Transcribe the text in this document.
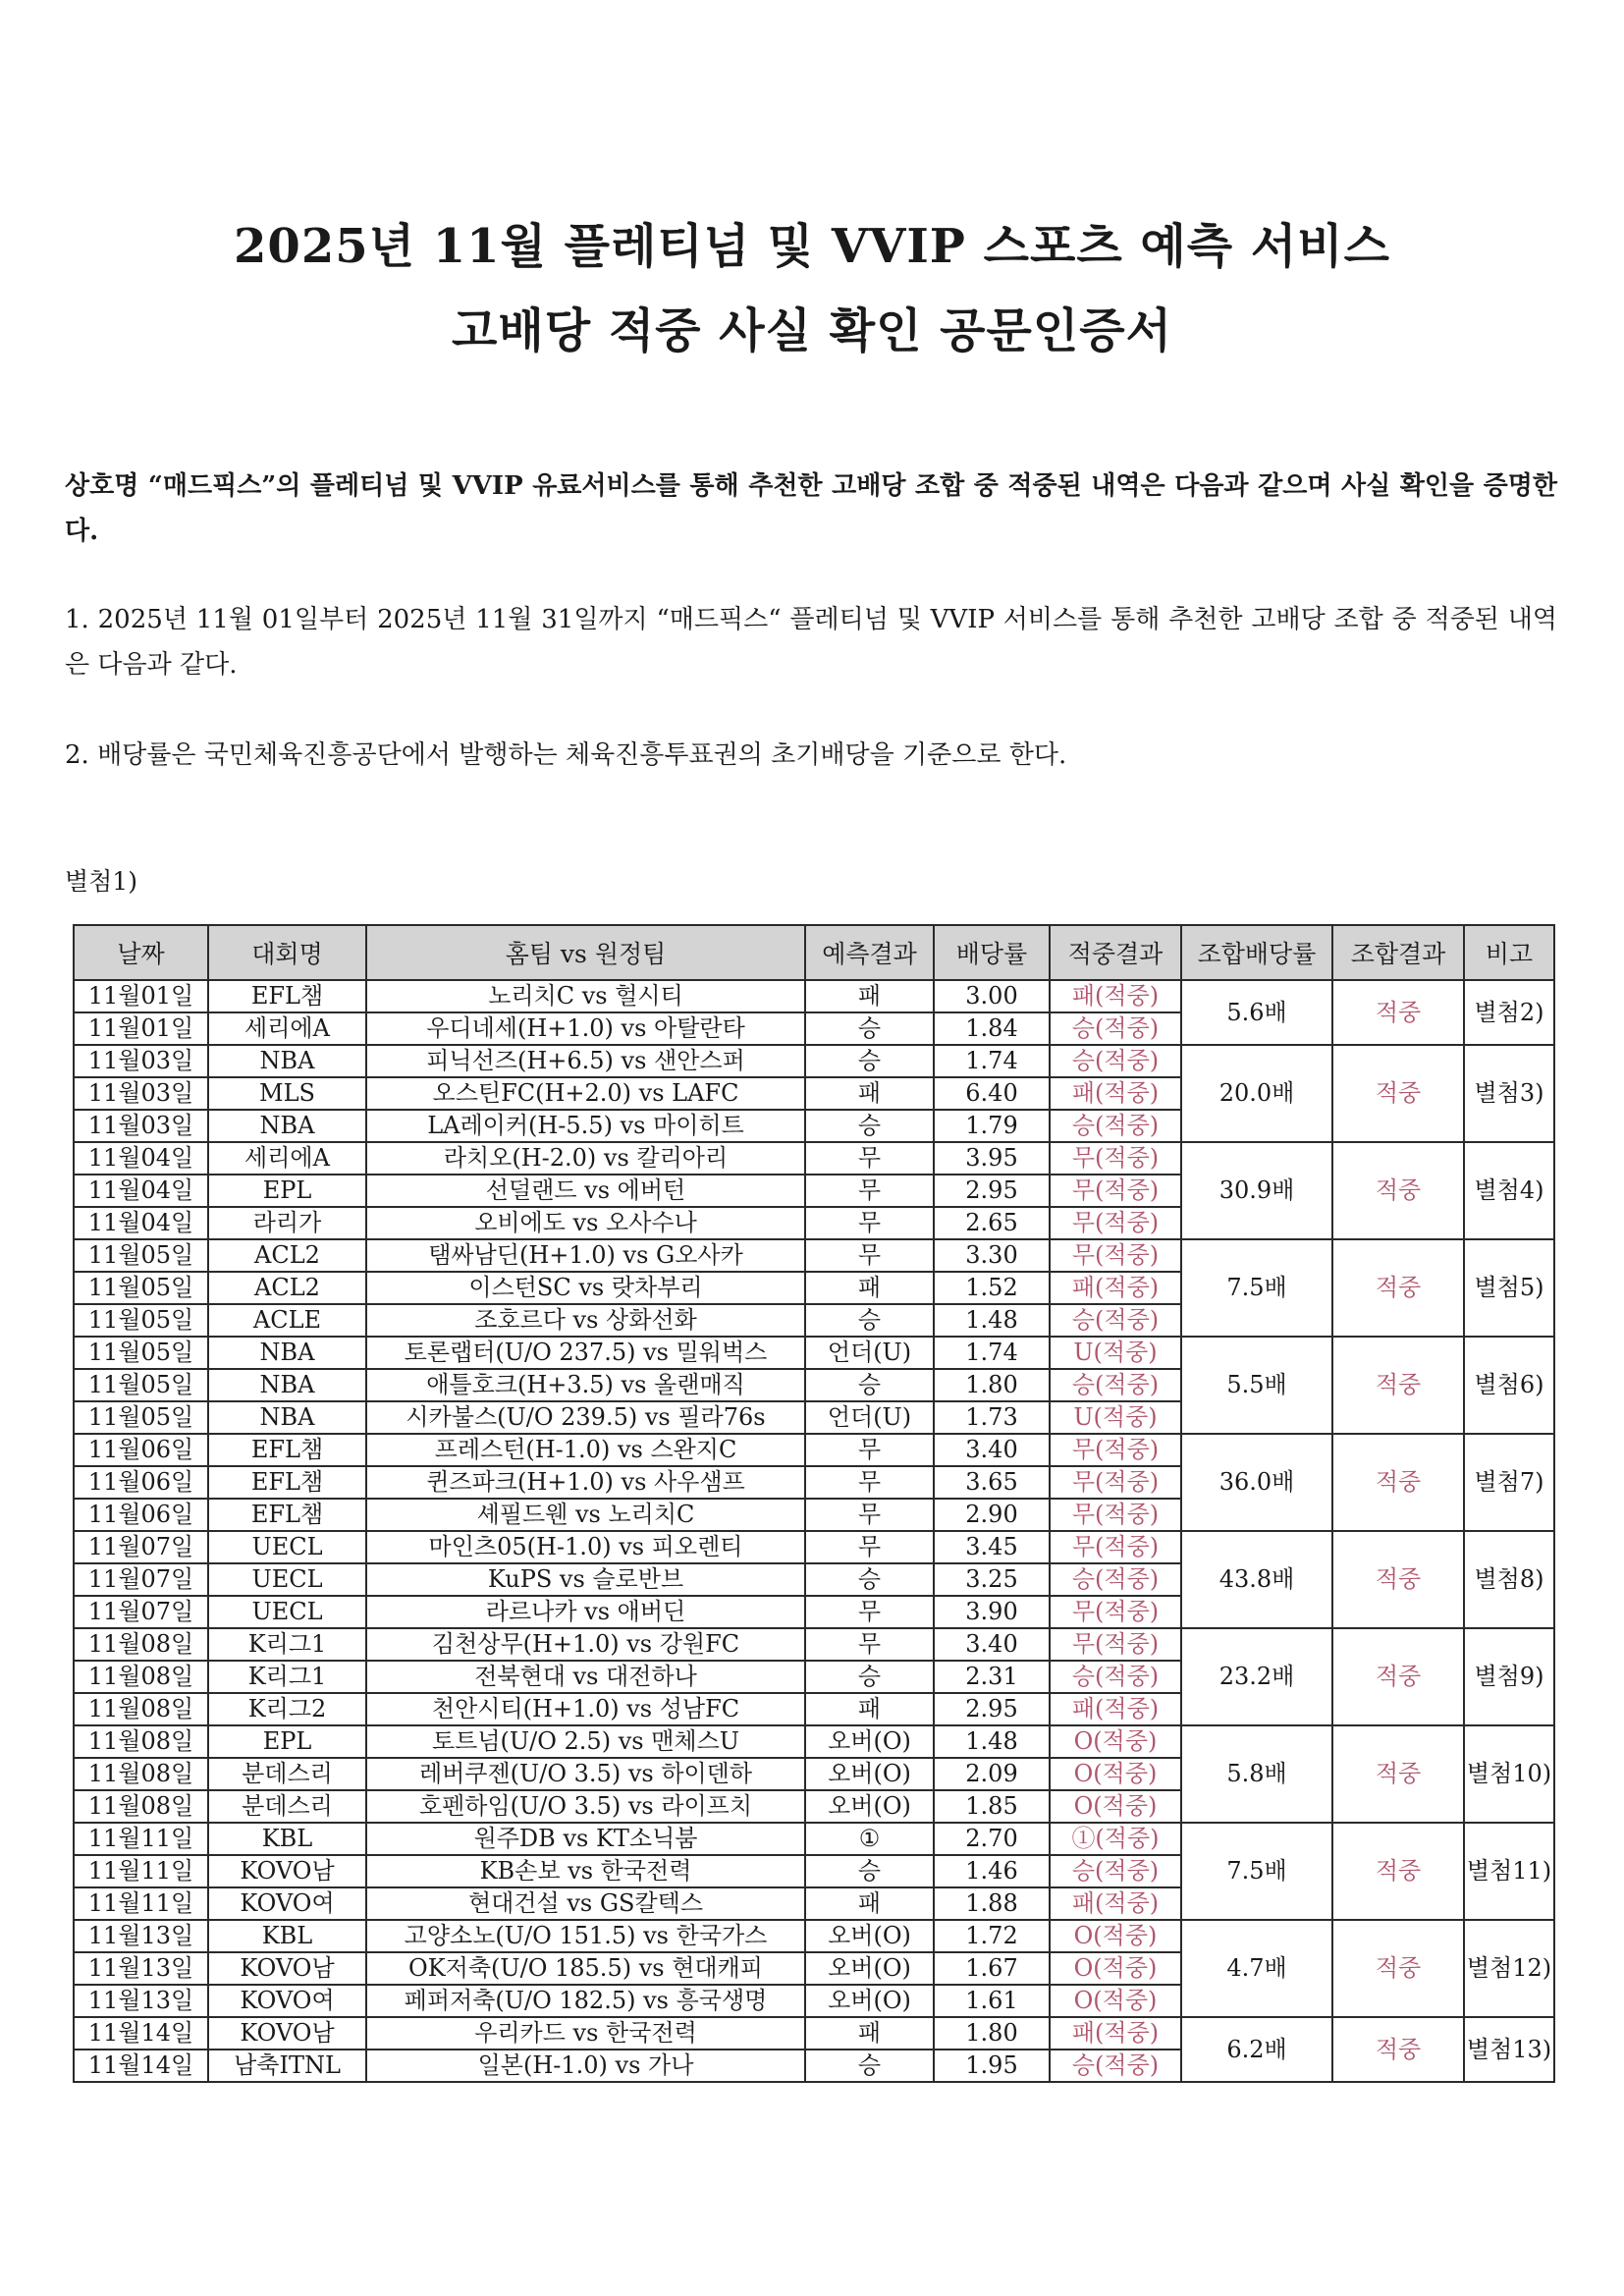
2025년 11월 플레티넘 및 VVIP 스포츠 예측 서비스
고배당 적중 사실 확인 공문인증서
상호명 “매드픽스”의 플레티넘 및 VVIP 유료서비스를 통해 추천한 고배당 조합 중 적중된 내역은 다음과 같으며 사실 확인을 증명한다.
1. 2025년 11월 01일부터 2025년 11월 31일까지 “매드픽스“ 플레티넘 및 VVIP 서비스를 통해 추천한 고배당 조합 중 적중된 내역은 다음과 같다.
2. 배당률은 국민체육진흥공단에서 발행하는 체육진흥투표권의 초기배당을 기준으로 한다.
별첨1)
날짜	대회명	홈팀 vs 원정팀	예측결과	배당률	적중결과	조합배당률	조합결과	비고
11월01일	EFL챔	노리치C vs 헐시티	패	3.00	패(적중)	5.6배	적중	별첨2)
11월01일	세리에A	우디네세(H+1.0) vs 아탈란타	승	1.84	승(적중)			
11월03일	NBA	피닉선즈(H+6.5) vs 샌안스퍼	승	1.74	승(적중)	20.0배	적중	별첨3)
11월03일	MLS	오스틴FC(H+2.0) vs LAFC	패	6.40	패(적중)			
11월03일	NBA	LA레이커(H-5.5) vs 마이히트	승	1.79	승(적중)			
11월04일	세리에A	라치오(H-2.0) vs 칼리아리	무	3.95	무(적중)	30.9배	적중	별첨4)
11월04일	EPL	선덜랜드 vs 에버턴	무	2.95	무(적중)			
11월04일	라리가	오비에도 vs 오사수나	무	2.65	무(적중)			
11월05일	ACL2	탬싸남딘(H+1.0) vs G오사카	무	3.30	무(적중)	7.5배	적중	별첨5)
11월05일	ACL2	이스턴SC vs 랏차부리	패	1.52	패(적중)			
11월05일	ACLE	조호르다 vs 상화선화	승	1.48	승(적중)			
11월05일	NBA	토론랩터(U/O 237.5) vs 밀워벅스	언더(U)	1.74	U(적중)	5.5배	적중	별첨6)
11월05일	NBA	애틀호크(H+3.5) vs 올랜매직	승	1.80	승(적중)			
11월05일	NBA	시카불스(U/O 239.5) vs 필라76s	언더(U)	1.73	U(적중)			
11월06일	EFL챔	프레스턴(H-1.0) vs 스완지C	무	3.40	무(적중)	36.0배	적중	별첨7)
11월06일	EFL챔	퀸즈파크(H+1.0) vs 사우샘프	무	3.65	무(적중)			
11월06일	EFL챔	셰필드웬 vs 노리치C	무	2.90	무(적중)			
11월07일	UECL	마인츠05(H-1.0) vs 피오렌티	무	3.45	무(적중)	43.8배	적중	별첨8)
11월07일	UECL	KuPS vs 슬로반브	승	3.25	승(적중)			
11월07일	UECL	라르나카 vs 애버딘	무	3.90	무(적중)			
11월08일	K리그1	김천상무(H+1.0) vs 강원FC	무	3.40	무(적중)	23.2배	적중	별첨9)
11월08일	K리그1	전북현대 vs 대전하나	승	2.31	승(적중)			
11월08일	K리그2	천안시티(H+1.0) vs 성남FC	패	2.95	패(적중)			
11월08일	EPL	토트넘(U/O 2.5) vs 맨체스U	오버(O)	1.48	O(적중)	5.8배	적중	별첨10)
11월08일	분데스리	레버쿠젠(U/O 3.5) vs 하이덴하	오버(O)	2.09	O(적중)			
11월08일	분데스리	호펜하임(U/O 3.5) vs 라이프치	오버(O)	1.85	O(적중)			
11월11일	KBL	원주DB vs KT소닉붐	①	2.70	①(적중)	7.5배	적중	별첨11)
11월11일	KOVO남	KB손보 vs 한국전력	승	1.46	승(적중)			
11월11일	KOVO여	현대건설 vs GS칼텍스	패	1.88	패(적중)			
11월13일	KBL	고양소노(U/O 151.5) vs 한국가스	오버(O)	1.72	O(적중)	4.7배	적중	별첨12)
11월13일	KOVO남	OK저축(U/O 185.5) vs 현대캐피	오버(O)	1.67	O(적중)			
11월13일	KOVO여	페퍼저축(U/O 182.5) vs 흥국생명	오버(O)	1.61	O(적중)			
11월14일	KOVO남	우리카드 vs 한국전력	패	1.80	패(적중)	6.2배	적중	별첨13)
11월14일	남축ITNL	일본(H-1.0) vs 가나	승	1.95	승(적중)			
